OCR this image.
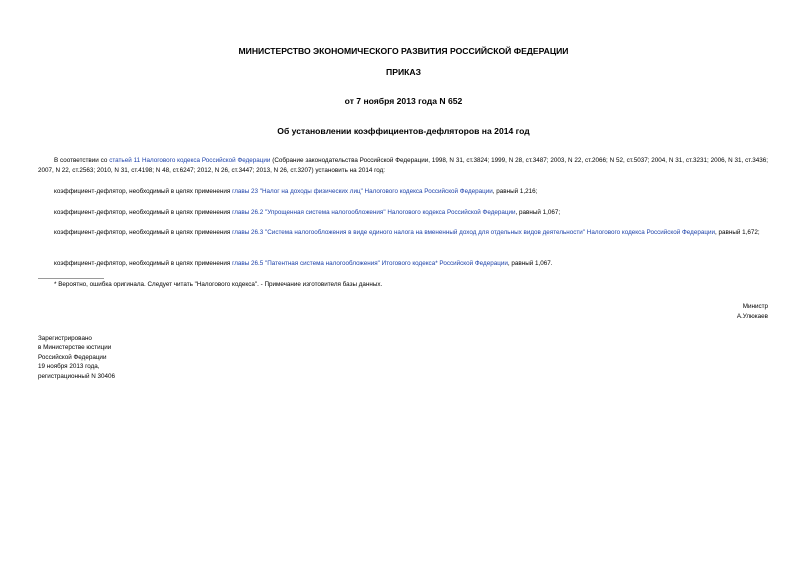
МИНИСТЕРСТВО ЭКОНОМИЧЕСКОГО РАЗВИТИЯ РОССИЙСКОЙ ФЕДЕРАЦИИ
ПРИКАЗ
от 7 ноября 2013 года N 652
Об установлении коэффициентов-дефляторов на 2014 год
В соответствии со статьей 11 Налогового кодекса Российской Федерации (Собрание законодательства Российской Федерации, 1998, N 31, ст.3824; 1999, N 28, ст.3487; 2003, N 22, ст.2066; N 52, ст.5037; 2004, N 31, ст.3231; 2006, N 31, ст.3436; 2007, N 22, ст.2563; 2010, N 31, ст.4198; N 48, ст.6247; 2012, N 26, ст.3447; 2013, N 26, ст.3207) установить на 2014 год:
коэффициент-дефлятор, необходимый в целях применения главы 23 "Налог на доходы физических лиц" Налогового кодекса Российской Федерации, равный 1,216;
коэффициент-дефлятор, необходимый в целях применения главы 26.2 "Упрощенная система налогообложения" Налогового кодекса Российской Федерации, равный 1,067;
коэффициент-дефлятор, необходимый в целях применения главы 26.3 "Система налогообложения в виде единого налога на вмененный доход для отдельных видов деятельности" Налогового кодекса Российской Федерации, равный 1,672;
коэффициент-дефлятор, необходимый в целях применения главы 26.5 "Патентная система налогообложения" Итогового кодекса* Российской Федерации, равный 1,067.
* Вероятно, ошибка оригинала. Следует читать "Налогового кодекса". - Примечание изготовителя базы данных.
Министр
А.Улюкаев
Зарегистрировано
в Министерстве юстиции
Российской Федерации
19 ноября 2013 года,
регистрационный N 30406
